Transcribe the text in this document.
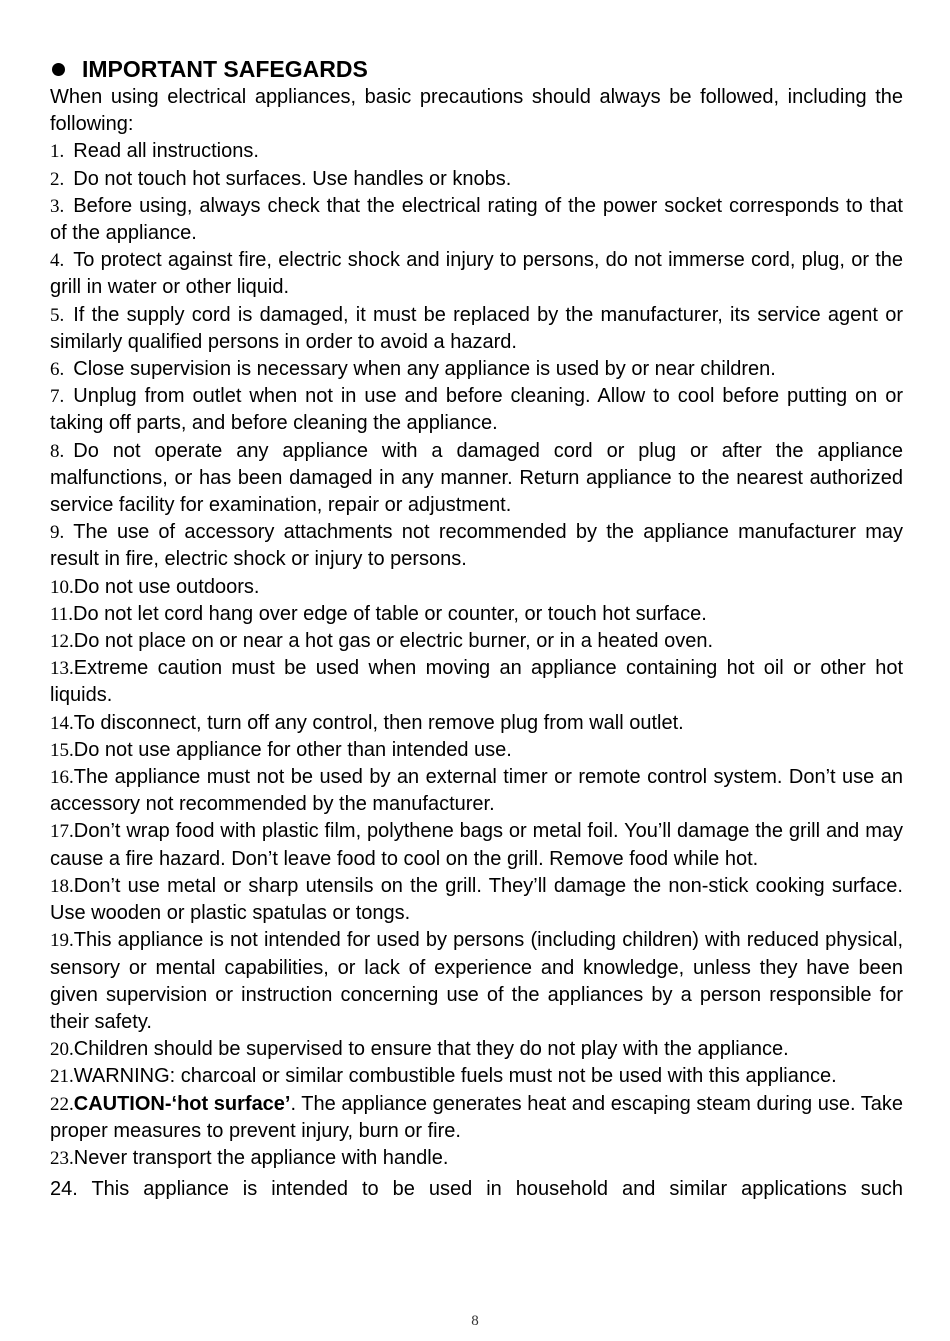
IMPORTANT SAFEGARDS

When using electrical appliances, basic precautions should always be followed, including the following:

1. Read all instructions.

2. Do not touch hot surfaces. Use handles or knobs.

3. Before using, always check that the electrical rating of the power socket corresponds to that of the appliance.

4. To protect against fire, electric shock and injury to persons, do not immerse cord, plug, or the grill in water or other liquid.

5. If the supply cord is damaged, it must be replaced by the manufacturer, its service agent or similarly qualified persons in order to avoid a hazard.

6. Close supervision is necessary when any appliance is used by or near children.

7. Unplug from outlet when not in use and before cleaning. Allow to cool before putting on or taking off parts, and before cleaning the appliance.

8. Do not operate any appliance with a damaged cord or plug or after the appliance malfunctions, or has been damaged in any manner. Return appliance to the nearest authorized service facility for examination, repair or adjustment.

9. The use of accessory attachments not recommended by the appliance manufacturer may result in fire, electric shock or injury to persons.

10.Do not use outdoors.

11.Do not let cord hang over edge of table or counter, or touch hot surface.

12.Do not place on or near a hot gas or electric burner, or in a heated oven.

13.Extreme caution must be used when moving an appliance containing hot oil or other hot liquids.

14.To disconnect, turn off any control, then remove plug from wall outlet.

15.Do not use appliance for other than intended use.

16.The appliance must not be used by an external timer or remote control system. Don’t use an accessory not recommended by the manufacturer.

17.Don’t wrap food with plastic film, polythene bags or metal foil. You’ll damage the grill and may cause a fire hazard. Don’t leave food to cool on the grill. Remove food while hot.

18.Don’t use metal or sharp utensils on the grill. They’ll damage the non-stick cooking surface. Use wooden or plastic spatulas or tongs.

19.This appliance is not intended for used by persons (including children) with reduced physical, sensory or mental capabilities, or lack of experience and knowledge, unless they have been given supervision or instruction concerning use of the appliances by a person responsible for their safety.

20.Children should be supervised to ensure that they do not play with the appliance.

21.WARNING: charcoal or similar combustible fuels must not be used with this appliance.

22.CAUTION-‘hot surface’. The appliance generates heat and escaping steam during use. Take proper measures to prevent injury, burn or fire.

23.Never transport the appliance with handle.

24. This appliance is intended to be used in household and similar applications such

8
